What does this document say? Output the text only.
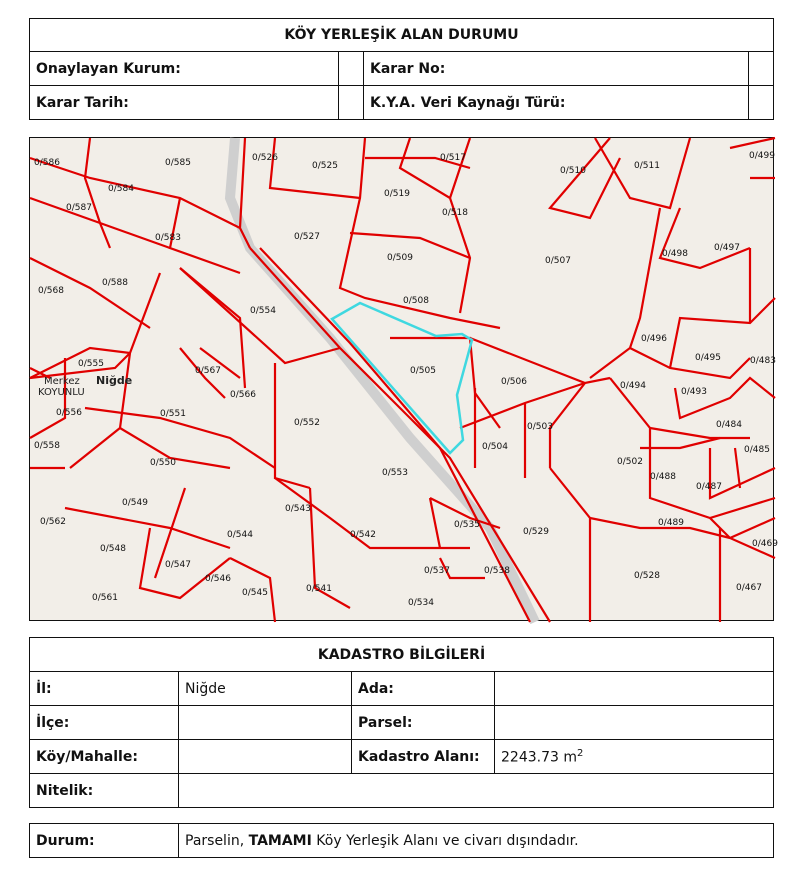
KÖY YERLEŞİK ALAN DURUMU			
Onaylayan Kurum:		Karar No:	
Karar Tarih:		K.Y.A. Veri Kaynağı Türü:	
Merkez
KOYUNLU
Niğde
0/586	0/585	0/526
0/525
0/517
0/510	0/511
0/499
0/584
0/587
0/583	0/527
0/519
0/518
0/509	0/507
0/498
0/497
0/568
0/588
0/554
0/508
0/505
0/506
0/496
0/495	0/483
0/555
0/567
0/566
0/556	0/551
0/552
0/504
0/503
0/494
0/493
0/484
0/558
0/550
0/553
0/502
0/488
0/487
0/485
0/549
0/543
0/535
0/529
0/489
0/562
0/544	0/542
0/469
0/548
0/547
0/546
0/545	0/541
0/537	0/538	0/528
0/467
0/561	0/534
KADASTRO BİLGİLERİ			
İl:	Niğde	Ada:	
İlçe:		Parsel:	
Köy/Mahalle:		Kadastro Alanı:	2243.73 $m^2$
Nitelik:			
Durum:	Parselin, TAMAMI Köy Yerleşik Alanı ve civarı dışındadır.
